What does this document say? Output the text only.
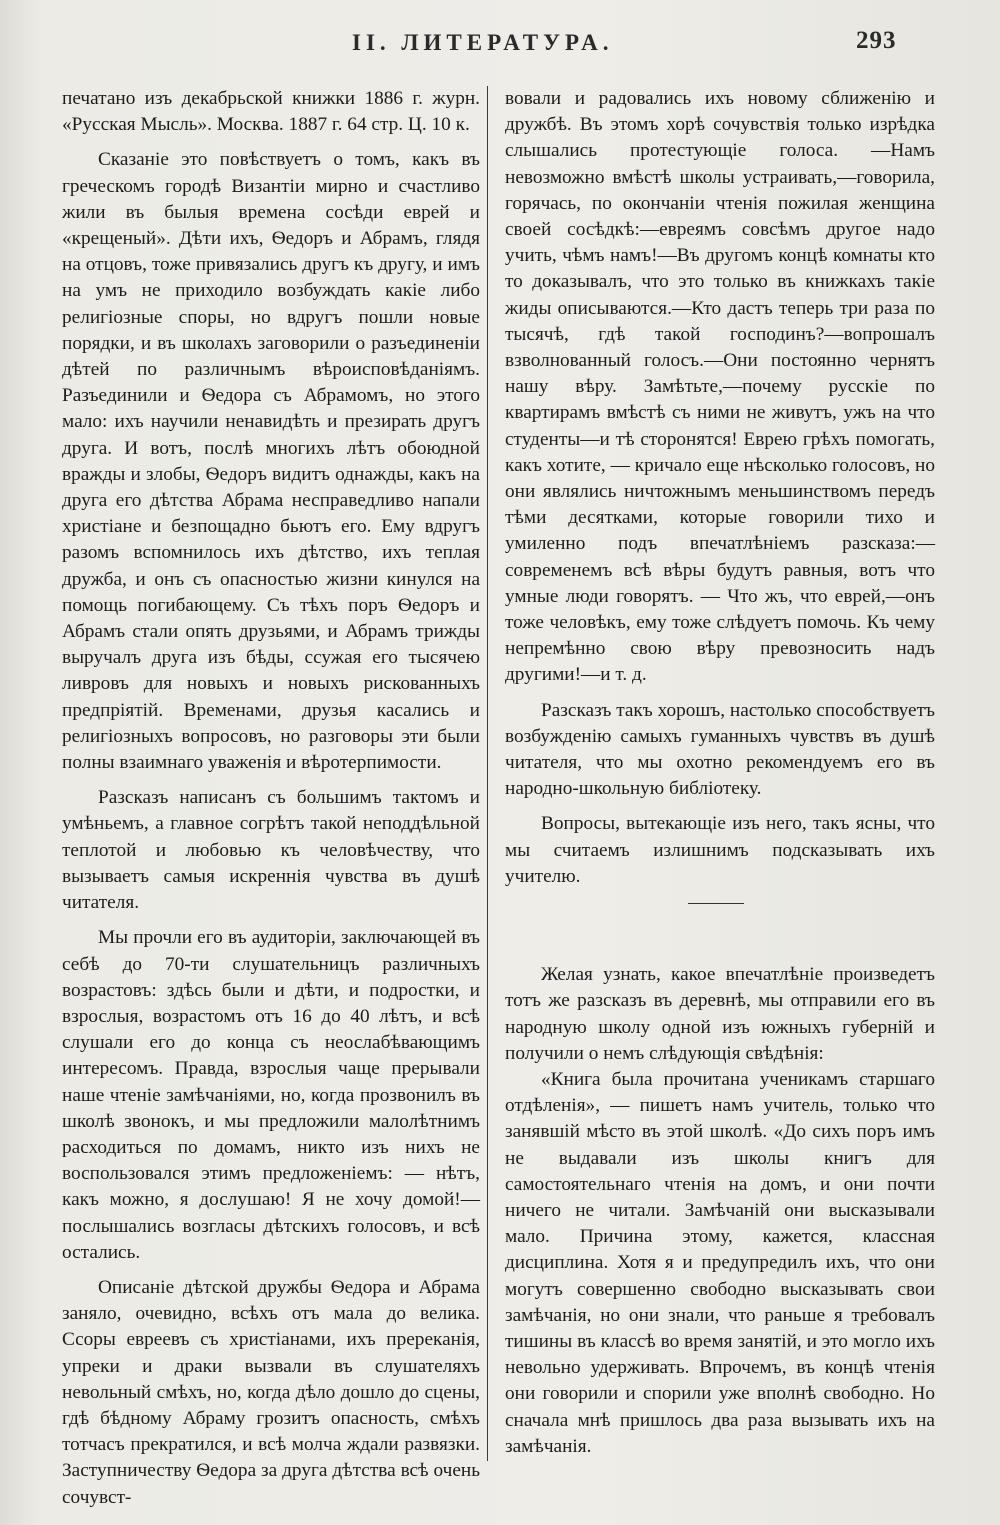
II. ЛИТЕРАТУРА.	293

печатано изъ декабрьской книжки 1886 г. журн. «Русская Мысль». Москва. 1887 г. 64 стр. Ц. 10 к.

Сказаніе это повѣствуетъ о томъ, какъ въ греческомъ городѣ Византіи мирно и счастливо жили въ былыя времена сосѣди еврей и «крещеный». Дѣти ихъ, Ѳедоръ и Абрамъ, глядя на отцовъ, тоже привязались другъ къ другу, и имъ на умъ не приходило возбуждать какіе либо религіозные споры, но вдругъ пошли новые порядки, и въ школахъ заговорили о разъединеніи дѣтей по различнымъ вѣроисповѣданіямъ. Разъединили и Ѳедора съ Абрамомъ, но этого мало: ихъ научили ненавидѣть и презирать другъ друга. И вотъ, послѣ многихъ лѣтъ обоюдной вражды и злобы, Ѳедоръ видитъ однажды, какъ на друга его дѣтства Абрама несправедливо напали христіане и безпощадно бьютъ его. Ему вдругъ разомъ вспомнилось ихъ дѣтство, ихъ теплая дружба, и онъ съ опасностью жизни кинулся на помощь погибающему. Съ тѣхъ поръ Ѳедоръ и Абрамъ стали опять друзьями, и Абрамъ трижды выручалъ друга изъ бѣды, ссужая его тысячею ливровъ для новыхъ и новыхъ рискованныхъ предпріятій. Временами, друзья касались и религіозныхъ вопросовъ, но разговоры эти были полны взаимнаго уваженія и вѣротерпимости.

Разсказъ написанъ съ большимъ тактомъ и умѣньемъ, а главное согрѣтъ такой неподдѣльной теплотой и любовью къ человѣчеству, что вызываетъ самыя искреннія чувства въ душѣ читателя.

Мы прочли его въ аудиторіи, заключающей въ себѣ до 70-ти слушательницъ различныхъ возрастовъ: здѣсь были и дѣти, и подростки, и взрослыя, возрастомъ отъ 16 до 40 лѣтъ, и всѣ слушали его до конца съ неослабѣвающимъ интересомъ. Правда, взрослыя чаще прерывали наше чтеніе замѣчаніями, но, когда прозвонилъ въ школѣ звонокъ, и мы предложили малолѣтнимъ расходиться по домамъ, никто изъ нихъ не воспользовался этимъ предложеніемъ: — нѣтъ, какъ можно, я дослушаю! Я не хочу домой!—послышались возгласы дѣтскихъ голосовъ, и всѣ остались.

Описаніе дѣтской дружбы Ѳедора и Абрама заняло, очевидно, всѣхъ отъ мала до велика. Ссоры евреевъ съ христіанами, ихъ пререканія, упреки и драки вызвали въ слушателяхъ невольный смѣхъ, но, когда дѣло дошло до сцены, гдѣ бѣдному Абраму грозитъ опасность, смѣхъ тотчасъ прекратился, и всѣ молча ждали развязки. Заступничеству Ѳедора за друга дѣтства всѣ очень сочувст-

вовали и радовались ихъ новому сближенію и дружбѣ. Въ этомъ хорѣ сочувствія только изрѣдка слышались протестующіе голоса. —Намъ невозможно вмѣстѣ школы устраивать,—говорила, горячась, по окончаніи чтенія пожилая женщина своей сосѣдкѣ:—евреямъ совсѣмъ другое надо учить, чѣмъ намъ!—Въ другомъ концѣ комнаты кто то доказывалъ, что это только въ книжкахъ такіе жиды описываются.—Кто дастъ теперь три раза по тысячѣ, гдѣ такой господинъ?—вопрошалъ взволнованный голосъ.—Они постоянно чернятъ нашу вѣру. Замѣтьте,—почему русскіе по квартирамъ вмѣстѣ съ ними не живутъ, ужъ на что студенты—и тѣ сторонятся! Еврею грѣхъ помогать, какъ хотите, — кричало еще нѣсколько голосовъ, но они являлись ничтожнымъ меньшинствомъ передъ тѣми десятками, которые говорили тихо и умиленно подъ впечатлѣніемъ разсказа:—современемъ всѣ вѣры будутъ равныя, вотъ что умные люди говорятъ. — Что жъ, что еврей,—онъ тоже человѣкъ, ему тоже слѣдуетъ помочь. Къ чему непремѣнно свою вѣру превозносить надъ другими!—и т. д.

Разсказъ такъ хорошъ, настолько способствуетъ возбужденію самыхъ гуманныхъ чувствъ въ душѣ читателя, что мы охотно рекомендуемъ его въ народно-школьную библіотеку.

Вопросы, вытекающіе изъ него, такъ ясны, что мы считаемъ излишнимъ подсказывать ихъ учителю.

Желая узнать, какое впечатлѣніе произведетъ тотъ же разсказъ въ деревнѣ, мы отправили его въ народную школу одной изъ южныхъ губерній и получили о немъ слѣдующія свѣдѣнія:

«Книга была прочитана ученикамъ старшаго отдѣленія», — пишетъ намъ учитель, только что занявшій мѣсто въ этой школѣ. «До сихъ поръ имъ не выдавали изъ школы книгъ для самостоятельнаго чтенія на домъ, и они почти ничего не читали. Замѣчаній они высказывали мало. Причина этому, кажется, классная дисциплина. Хотя я и предупредилъ ихъ, что они могутъ совершенно свободно высказывать свои замѣчанія, но они знали, что раньше я требовалъ тишины въ классѣ во время занятій, и это могло ихъ невольно удерживать. Впрочемъ, въ концѣ чтенія они говорили и спорили уже вполнѣ свободно. Но сначала мнѣ пришлось два раза вызывать ихъ на замѣчанія.
